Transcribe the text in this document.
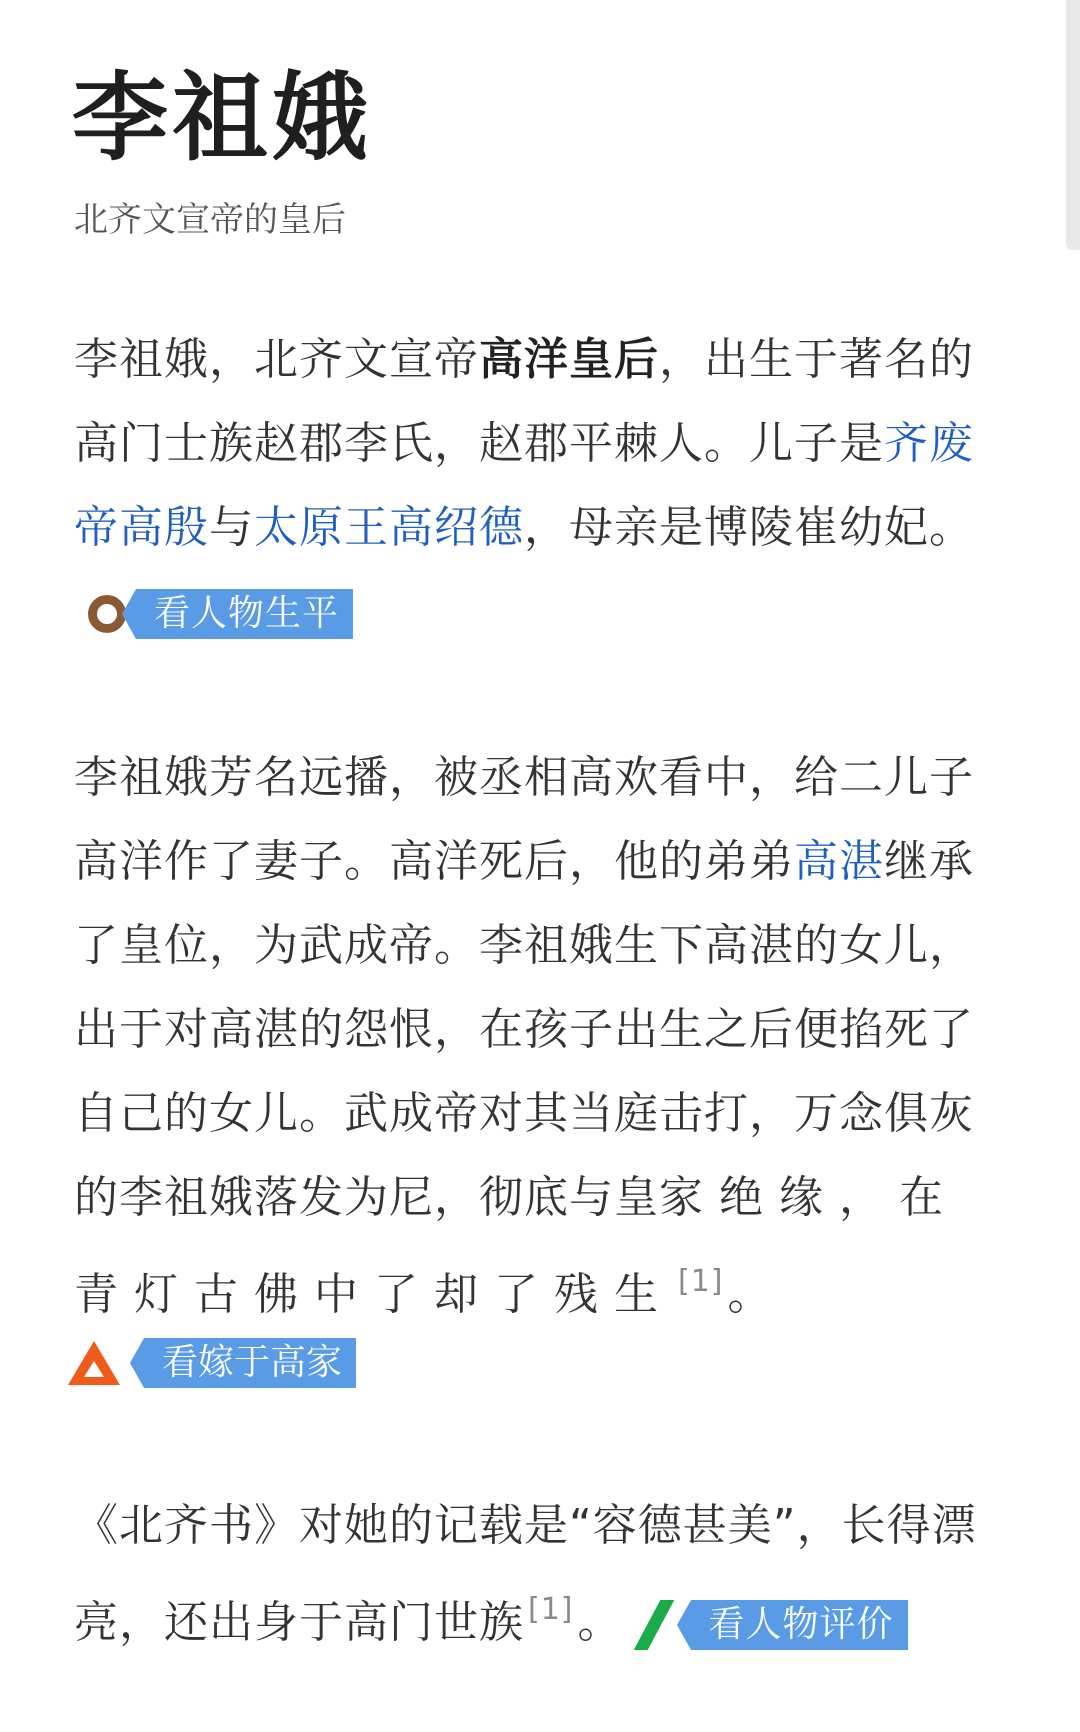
李祖娥
北齐文宣帝的皇后

李祖娥，北齐文宣帝高洋皇后，出生于著名的高门士族赵郡李氏，赵郡平棘人。儿子是齐废帝高殷与太原王高绍德，母亲是博陵崔幼妃。看人物生平

李祖娥芳名远播，被丞相高欢看中，给二儿子高洋作了妻子。高洋死后，他的弟弟高湛继承了皇位，为武成帝。李祖娥生下高湛的女儿，出于对高湛的怨恨，在孩子出生之后便掐死了自己的女儿。武成帝对其当庭击打，万念俱灰的李祖娥落发为尼，彻底与皇家绝缘，在青灯古佛中了却了残生 [1]。

看嫁于高家

《北齐书》对她的记载是“容德甚美”，长得漂亮，还出身于高门世族 [1]。 看人物评价
